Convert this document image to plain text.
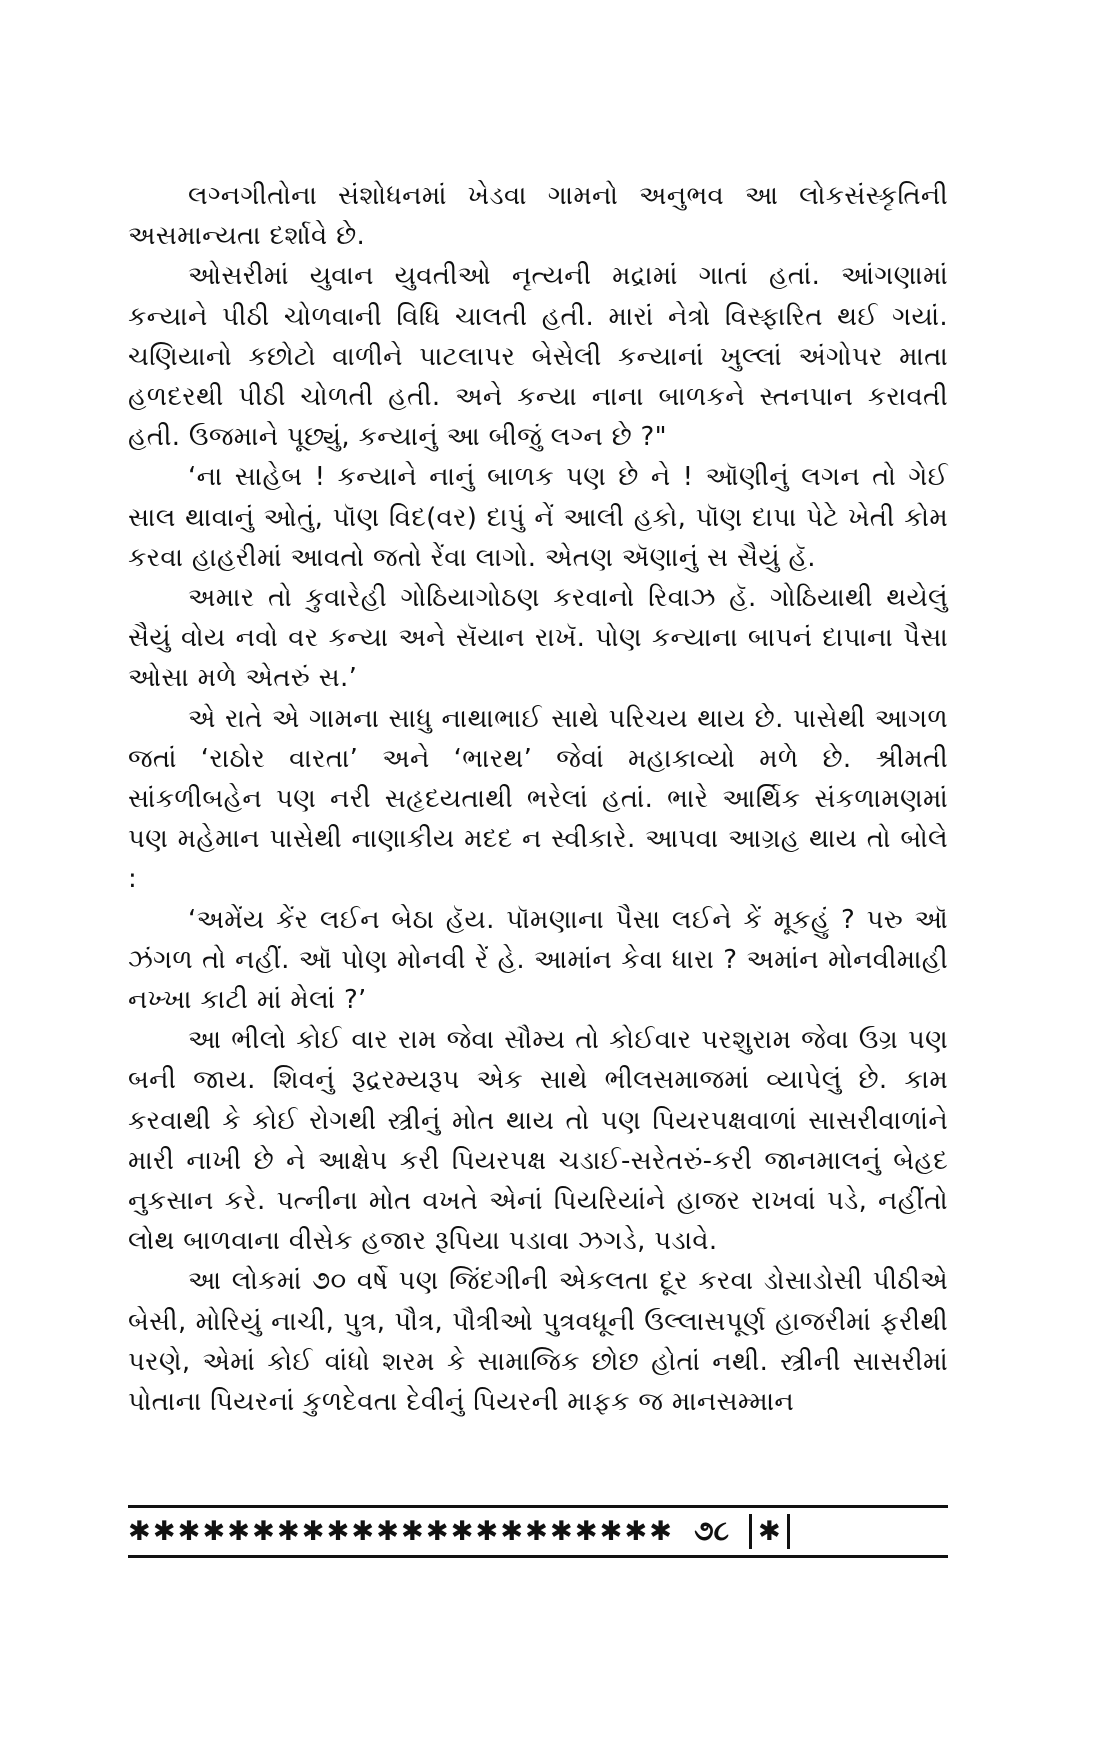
લગ્નગીતોના સંશોધનમાં ખેડવા ગામનો અનુભવ આ લોકસંસ્કૃતિની અસમાન્યતા દર્શાવે છે.

ઓસરીમાં યુવાન યુવતીઓ નૃત્યની મદ્રામાં ગાતાં હતાં. આંગણામાં કન્યાને પીઠી ચોળવાની વિધિ ચાલતી હતી. મારાં નેત્રો વિસ્ફારિત થઈ ગયાં. ચણિયાનો કછોટો વાળીને પાટલાપર બેસેલી કન્યાનાં ખુલ્લાં અંગોપર માતા હળદરથી પીઠી ચોળતી હતી. અને કન્યા નાના બાળકને સ્તનપાન કરાવતી હતી. ઉજમાને પૂછ્યું, કન્યાનું આ બીજું લગ્ન છે ?"

‘ના સાહેબ ! કન્યાને નાનું બાળક પણ છે ને ! ઑણીનું લગન તો ગેઈ સાલ થાવાનું ઓતું, પૉણ વિદ(વર) દાપું નેં આલી હકો, પૉણ દાપા પેટે ખેતી કોમ કરવા હાહરીમાં આવતો જતો રેંવા લાગો. એતણ ઍણાનું સ સૈયું હૅ.

અમાર તો કુવારેહી ગોઠિયાગોઠણ કરવાનો રિવાઝ હૅ. ગોઠિયાથી થયેલું સૈયું વોય નવો વર કન્યા અને સૅયાન રાખૅ. પોણ કન્યાના બાપનં દાપાના પૈસા ઓસા મળે એતરું સ.’

એ રાતે એ ગામના સાધુ નાથાભાઈ સાથે પરિચય થાય છે. પાસેથી આગળ જતાં ‘રાઠોર વારતા’ અને ‘ભારથ’ જેવાં મહાકાવ્યો મળે છે. શ્રીમતી સાંકળીબહેન પણ નરી સહૃદયતાથી ભરેલાં હતાં. ભારે આર્થિક સંકળામણમાં પણ મહેમાન પાસેથી નાણાકીય મદદ ન સ્વીકારે. આપવા આગ્રહ થાય તો બોલે :

‘અમેંય કેંર લઈન બેઠા હૅય. પૉમણાના પૈસા લઈને કેં મૂકહું ? પરુ ઑ ઝંગળ તો નહીં. ઑ પોણ મોનવી રેં હે. આમાંન કેવા ધારા ? અમાંન મોનવીમાહી નખ્ખા કાટી માં મેલાં ?’

આ ભીલો કોઈ વાર રામ જેવા સૌમ્ય તો કોઈવાર પરશુરામ જેવા ઉગ્ર પણ બની જાય. શિવનું રૂદ્રરમ્યરૂપ એક સાથે ભીલસમાજમાં વ્યાપેલું છે. કામ કરવાથી કે કોઈ રોગથી સ્ત્રીનું મોત થાય તો પણ પિયરપક્ષવાળાં સાસરીવાળાંને મારી નાખી છે ને આક્ષેપ કરી પિયરપક્ષ ચડાઈ-સરેતરું-કરી જાનમાલનું બેહદ નુકસાન કરે. પત્નીના મોત વખતે એનાં પિયરિયાંને હાજર રાખવાં પડે, નહીંતો લોથ બાળવાના વીસેક હજાર રૂપિયા પડાવા ઝગડે, પડાવે.

આ લોકમાં ૭૦ વર્ષે પણ જિંદગીની એકલતા દૂર કરવા ડોસાડોસી પીઠીએ બેસી, મોરિયું નાચી, પુત્ર, પૌત્ર, પૌત્રીઓ પુત્રવધૂની ઉલ્લાસપૂર્ણ હાજરીમાં ફરીથી પરણે, એમાં કોઈ વાંધો શરમ કે સામાજિક છોછ હોતાં નથી. સ્ત્રીની સાસરીમાં પોતાના પિયરનાં કુળદેવતા દેવીનું પિયરની માફક જ માનસમ્માન

✱✱✱✱✱✱✱✱✱✱✱✱✱✱✱✱✱✱✱✱✱✱ ૭૮	✱
